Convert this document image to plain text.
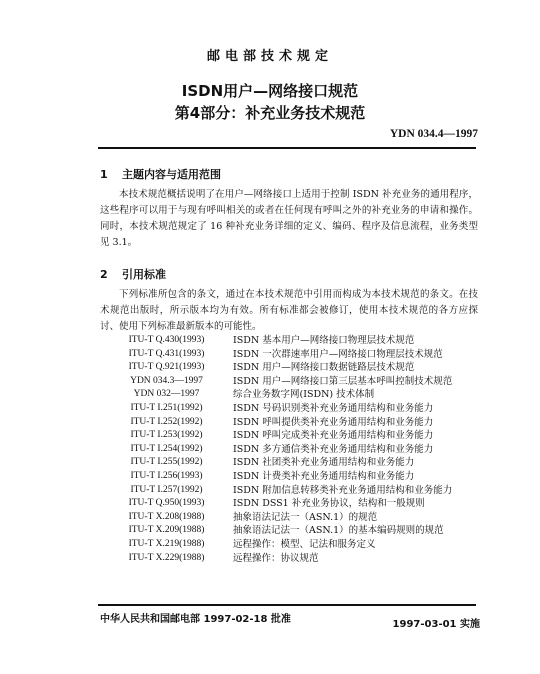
邮电部技术规定
ISDN用户—网络接口规范
第4部分：补充业务技术规范
YDN 034.4—1997
1 主题内容与适用范围
本技术规范概括说明了在用户—网络接口上适用于控制 ISDN 补充业务的通用程序，这些程序可以用于与现有呼叫相关的或者在任何现有呼叫之外的补充业务的申请和操作。同时，本技术规范规定了 16 种补充业务详细的定义、编码、程序及信息流程，业务类型见 3.1。
2 引用标准
下列标准所包含的条文，通过在本技术规范中引用而构成为本技术规范的条文。在技术规范出版时，所示版本均为有效。所有标准都会被修订，使用本技术规范的各方应探讨、使用下列标准最新版本的可能性。
ITU-T Q.430(1993)	ISDN 基本用户—网络接口物理层技术规范
ITU-T Q.431(1993)	ISDN 一次群速率用户—网络接口物理层技术规范
ITU-T Q.921(1993)	ISDN 用户—网络接口数据链路层技术规范
YDN 034.3—1997	ISDN 用户—网络接口第三层基本呼叫控制技术规范
YDN 032—1997	综合业务数字网(ISDN) 技术体制
ITU-T I.251(1992)	ISDN 号码识别类补充业务通用结构和业务能力
ITU-T I.252(1992)	ISDN 呼叫提供类补充业务通用结构和业务能力
ITU-T I.253(1992)	ISDN 呼叫完成类补充业务通用结构和业务能力
ITU-T I.254(1992)	ISDN 多方通信类补充业务通用结构和业务能力
ITU-T I.255(1992)	ISDN 社团类补充业务通用结构和业务能力
ITU-T I.256(1993)	ISDN 计费类补充业务通用结构和业务能力
ITU-T I.257(1992)	ISDN 附加信息转移类补充业务通用结构和业务能力
ITU-T Q.950(1993)	ISDN DSS1 补充业务协议，结构和一般规则
ITU-T X.208(1988)	抽象语法记法一（ASN.1）的规范
ITU-T X.209(1988)	抽象语法记法一（ASN.1）的基本编码规则的规范
ITU-T X.219(1988)	远程操作：模型、记法和服务定义
ITU-T X.229(1988)	远程操作：协议规范
中华人民共和国邮电部 1997-02-18 批准	1997-03-01 实施
